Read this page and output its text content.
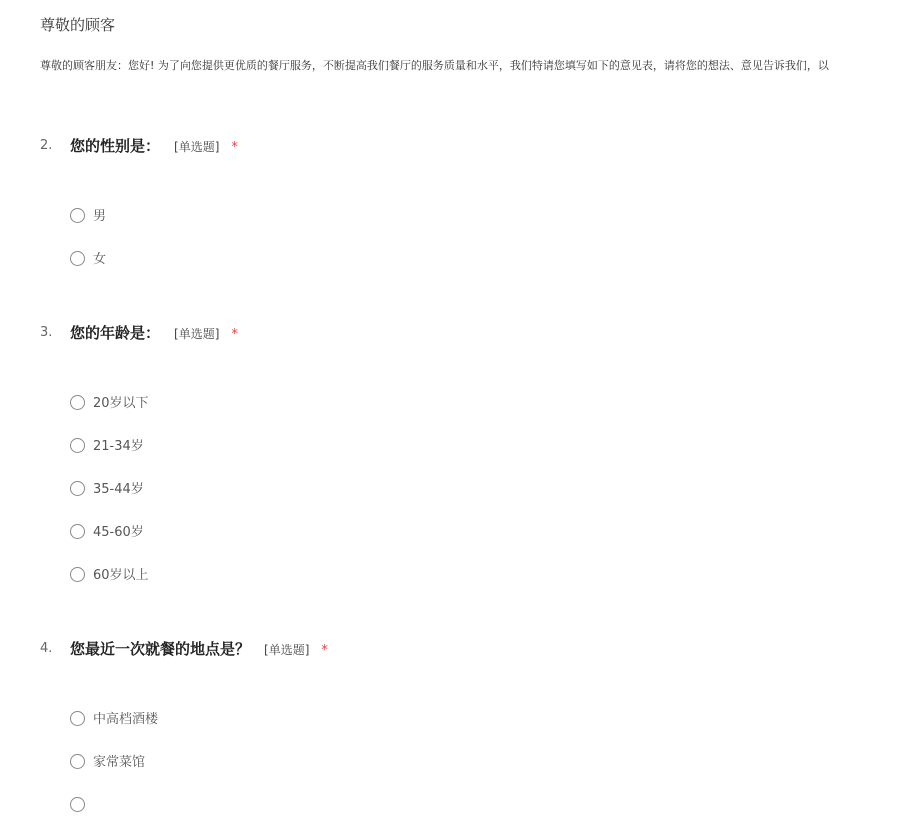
尊敬的顾客
尊敬的顾客朋友：您好! 为了向您提供更优质的餐厅服务，不断提高我们餐厅的服务质量和水平，我们特请您填写如下的意见表，请将您的想法、意见告诉我们，以
2. 您的性别是： [单选题] *
男
女
3. 您的年龄是： [单选题] *
20岁以下
21-34岁
35-44岁
45-60岁
60岁以上
4. 您最近一次就餐的地点是？ [单选题] *
中高档酒楼
家常菜馆
